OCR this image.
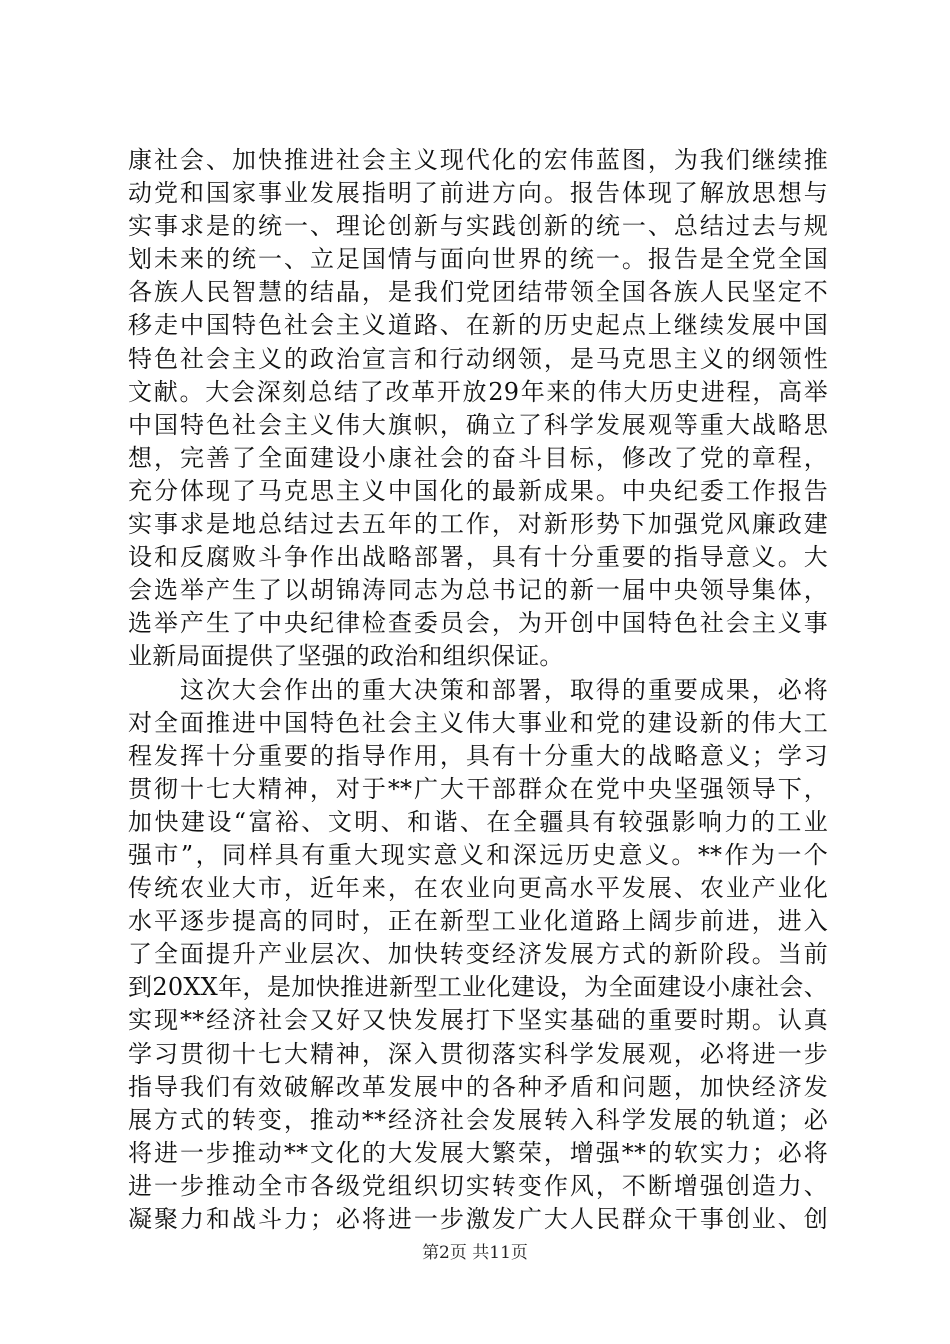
康社会、加快推进社会主义现代化的宏伟蓝图，为我们继续推
动党和国家事业发展指明了前进方向。报告体现了解放思想与
实事求是的统一、理论创新与实践创新的统一、总结过去与规
划未来的统一、立足国情与面向世界的统一。报告是全党全国
各族人民智慧的结晶，是我们党团结带领全国各族人民坚定不
移走中国特色社会主义道路、在新的历史起点上继续发展中国
特色社会主义的政治宣言和行动纲领，是马克思主义的纲领性
文献。大会深刻总结了改革开放29年来的伟大历史进程，高举
中国特色社会主义伟大旗帜，确立了科学发展观等重大战略思
想，完善了全面建设小康社会的奋斗目标，修改了党的章程，
充分体现了马克思主义中国化的最新成果。中央纪委工作报告
实事求是地总结过去五年的工作，对新形势下加强党风廉政建
设和反腐败斗争作出战略部署，具有十分重要的指导意义。大
会选举产生了以胡锦涛同志为总书记的新一届中央领导集体，
选举产生了中央纪律检查委员会，为开创中国特色社会主义事
业新局面提供了坚强的政治和组织保证。
　　这次大会作出的重大决策和部署，取得的重要成果，必将
对全面推进中国特色社会主义伟大事业和党的建设新的伟大工
程发挥十分重要的指导作用，具有十分重大的战略意义；学习
贯彻十七大精神，对于**广大干部群众在党中央坚强领导下，
加快建设“富裕、文明、和谐、在全疆具有较强影响力的工业
强市”，同样具有重大现实意义和深远历史意义。**作为一个
传统农业大市，近年来，在农业向更高水平发展、农业产业化
水平逐步提高的同时，正在新型工业化道路上阔步前进，进入
了全面提升产业层次、加快转变经济发展方式的新阶段。当前
到20XX年，是加快推进新型工业化建设，为全面建设小康社会、
实现**经济社会又好又快发展打下坚实基础的重要时期。认真
学习贯彻十七大精神，深入贯彻落实科学发展观，必将进一步
指导我们有效破解改革发展中的各种矛盾和问题，加快经济发
展方式的转变，推动**经济社会发展转入科学发展的轨道；必
将进一步推动**文化的大发展大繁荣，增强**的软实力；必将
进一步推动全市各级党组织切实转变作风，不断增强创造力、
凝聚力和战斗力；必将进一步激发广大人民群众干事创业、创
第2页 共11页
